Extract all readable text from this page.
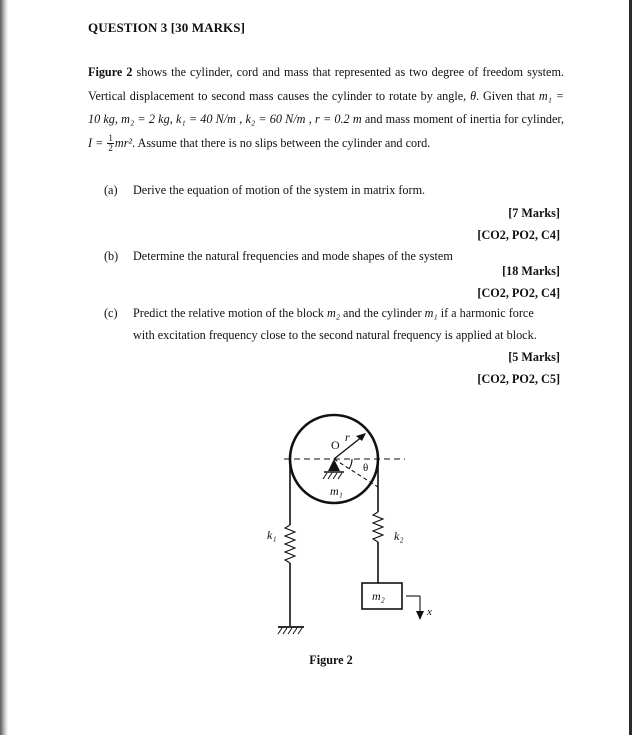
QUESTION 3 [30 MARKS]
Figure 2 shows the cylinder, cord and mass that represented as two degree of freedom system. Vertical displacement to second mass causes the cylinder to rotate by angle, θ. Given that m₁ = 10 kg, m₂ = 2 kg, k₁ = 40 N/m , k₂ = 60 N/m , r = 0.2 m and mass moment of inertia for cylinder, $I = \frac{1}{2} mr^2$. Assume that there is no slips between the cylinder and cord.
(a) Derive the equation of motion of the system in matrix form.
[7 Marks]
[CO2, PO2, C4]
(b) Determine the natural frequencies and mode shapes of the system
[18 Marks]
[CO2, PO2, C4]
(c) Predict the relative motion of the block m₂ and the cylinder m₁ if a harmonic force
with excitation frequency close to the second natural frequency is applied at block.
[5 Marks]
[CO2, PO2, C5]
O
r
θ
m₁
k₁	k₂
m₂
x
Figure 2
